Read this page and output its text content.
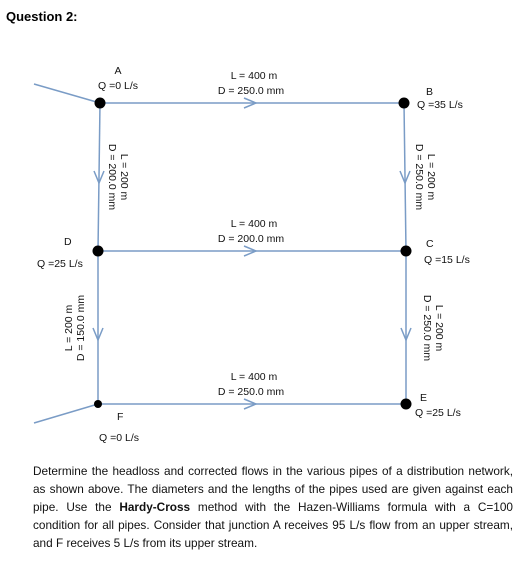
Question 2:
A
Q =0 L/s	B
Q =35 L/s
C
Q =15 L/s
D
Q =25 L/s
E
Q =25 L/s
F
Q =0 L/s
L = 400 m
D = 250.0 mm
L = 400 m
D = 200.0 mm
L = 400 m
D = 250.0 mm
L = 200 m
D = 200.0 mm	L = 200 m
D = 250.0 mm
L = 200 m
D = 250.0 mm
L = 200 m D = 150.0 mm
Determine the headloss and corrected flows in the various pipes of a distribution network, as shown above. The diameters and the lengths of the pipes used are given against each pipe. Use the Hardy-Cross method with the Hazen-Williams formula with a C=100 condition for all pipes. Consider that junction A receives 95 L/s flow from an upper stream, and F receives 5 L/s from its upper stream.
